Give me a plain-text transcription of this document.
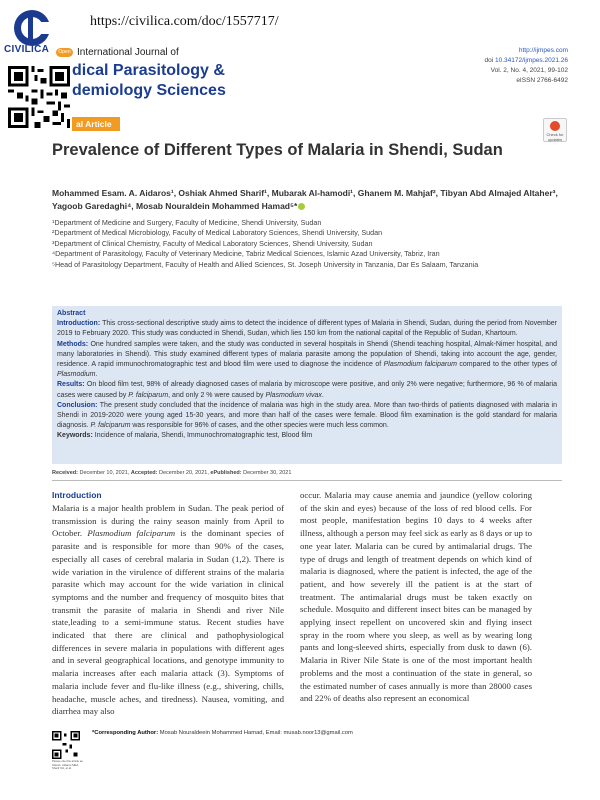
CIVILICA
https://civilica.com/doc/1557717/
Open International Journal of
dical Parasitology &
demiology Sciences
http://ijmpes.com
doi 10.34172/ijmpes.2021.26
Vol. 2, No. 4, 2021, 99-102
eISSN 2766-6492
al Article
Check for updates
Prevalence of Different Types of Malaria in Shendi, Sudan
Mohammed Esam. A. Aidaros¹, Oshiak Ahmed Sharif¹, Mubarak Al-hamodi¹, Ghanem M. Mahjaf², Tibyan Abd Almajed Altaher³, Yagoob Garedaghi⁴, Mosab Nouraldein Mohammed Hamad⁵*
¹Department of Medicine and Surgery, Faculty of Medicine, Shendi University, Sudan
²Department of Medical Microbiology, Faculty of Medical Laboratory Sciences, Shendi University, Sudan
³Department of Clinical Chemistry, Faculty of Medical Laboratory Sciences, Shendi University, Sudan
⁴Department of Parasitology, Faculty of Veterinary Medicine, Tabriz Medical Sciences, Islamic Azad University, Tabriz, Iran
⁵Head of Parasitology Department, Faculty of Health and Allied Sciences, St. Joseph University in Tanzania, Dar Es Salaam, Tanzania

Abstract

Introduction: This cross-sectional descriptive study aims to detect the incidence of different types of Malaria in Shendi, Sudan, during the period from November 2019 to February 2020. This study was conducted in Shendi, Sudan, which lies 150 km from the national capital of the Republic of Sudan, Khartoum.

Methods: One hundred samples were taken, and the study was conducted in several hospitals in Shendi (Shendi teaching hospital, Almak-Nimer hospital, and many laboratories in Shendi). This study examined different types of malaria parasite among the population of Shendi, taking into account the age, gender, residence. A rapid immunochromatographic test and blood film were used to diagnose the incidence of Plasmodium falciparum compared to the other types of Plasmodium.

Results: On blood film test, 98% of already diagnosed cases of malaria by microscope were positive, and only 2% were negative; furthermore, 96 % of malaria cases were caused by P. falciparum, and only 2 % were caused by Plasmodium vivax.

Conclusion: The present study concluded that the incidence of malaria was high in the study area. More than two-thirds of patients diagnosed with malaria in Shendi in 2019-2020 were young aged 15-30 years, and more than half of the cases were female. Blood film examination is the gold standard for malaria diagnosis. P. falciparum was responsible for 96% of cases, and the other species were much less common.

Keywords: Incidence of malaria, Shendi, Immunochromatographic test, Blood film

Received: December 10, 2021, Accepted: December 20, 2021, ePublished: December 30, 2021
Introduction

Malaria is a major health problem in Sudan. The peak period of transmission is during the rainy season mainly from April to October. Plasmodium falciparum is the dominant species of parasite and is responsible for more than 90% of the cases, especially all cases of cerebral malaria in Sudan (1,2). There is wide variation in the virulence of different strains of the malaria parasite which may account for the wide variation in clinical symptoms and the number and frequency of mosquito bites that transmit the parasite of malaria in Shendi and river Nile state,leading to a semi-immune status. Recent studies have indicated that there are clinical and pathophysiological differences in severe malaria in populations with different ages and in several geographical locations, and genotype immunity to malaria increases after each malaria attack (3). Symptoms of malaria include fever and flu-like illness (e.g., shivering, chills, headache, muscle aches, and tiredness). Nausea, vomiting, and diarrhea may also

occur. Malaria may cause anemia and jaundice (yellow coloring of the skin and eyes) because of the loss of red blood cells. For most people, manifestation begins 10 days to 4 weeks after illness, although a person may feel sick as early as 8 days or up to one year later. Malaria can be cured by antimalarial drugs. The type of drugs and length of treatment depends on which kind of malaria is diagnosed, where the patient is infected, the age of the patient, and how severely ill the patient is at the start of treatment. The antimalarial drugs must be taken exactly on schedule. Mosquito and different insect bites can be managed by applying insect repellent on uncovered skin and flying insect spray in the room where you sleep, as well as by wearing long pants and long-sleeved shirts, especially from dusk to dawn (6). Malaria in River Nile State is one of the most important health problems and the most a continuation of the state in general, so the estimated number of cases annually is more than 28000 cases and 22% of deaths also represent an economical

Please cite this article as follows: Aidaros MEA, Sharif OA, et al.
*Corresponding Author: Mosab Nouraldeein Mohammed Hamad, Email: musab.noor13@gmail.com
